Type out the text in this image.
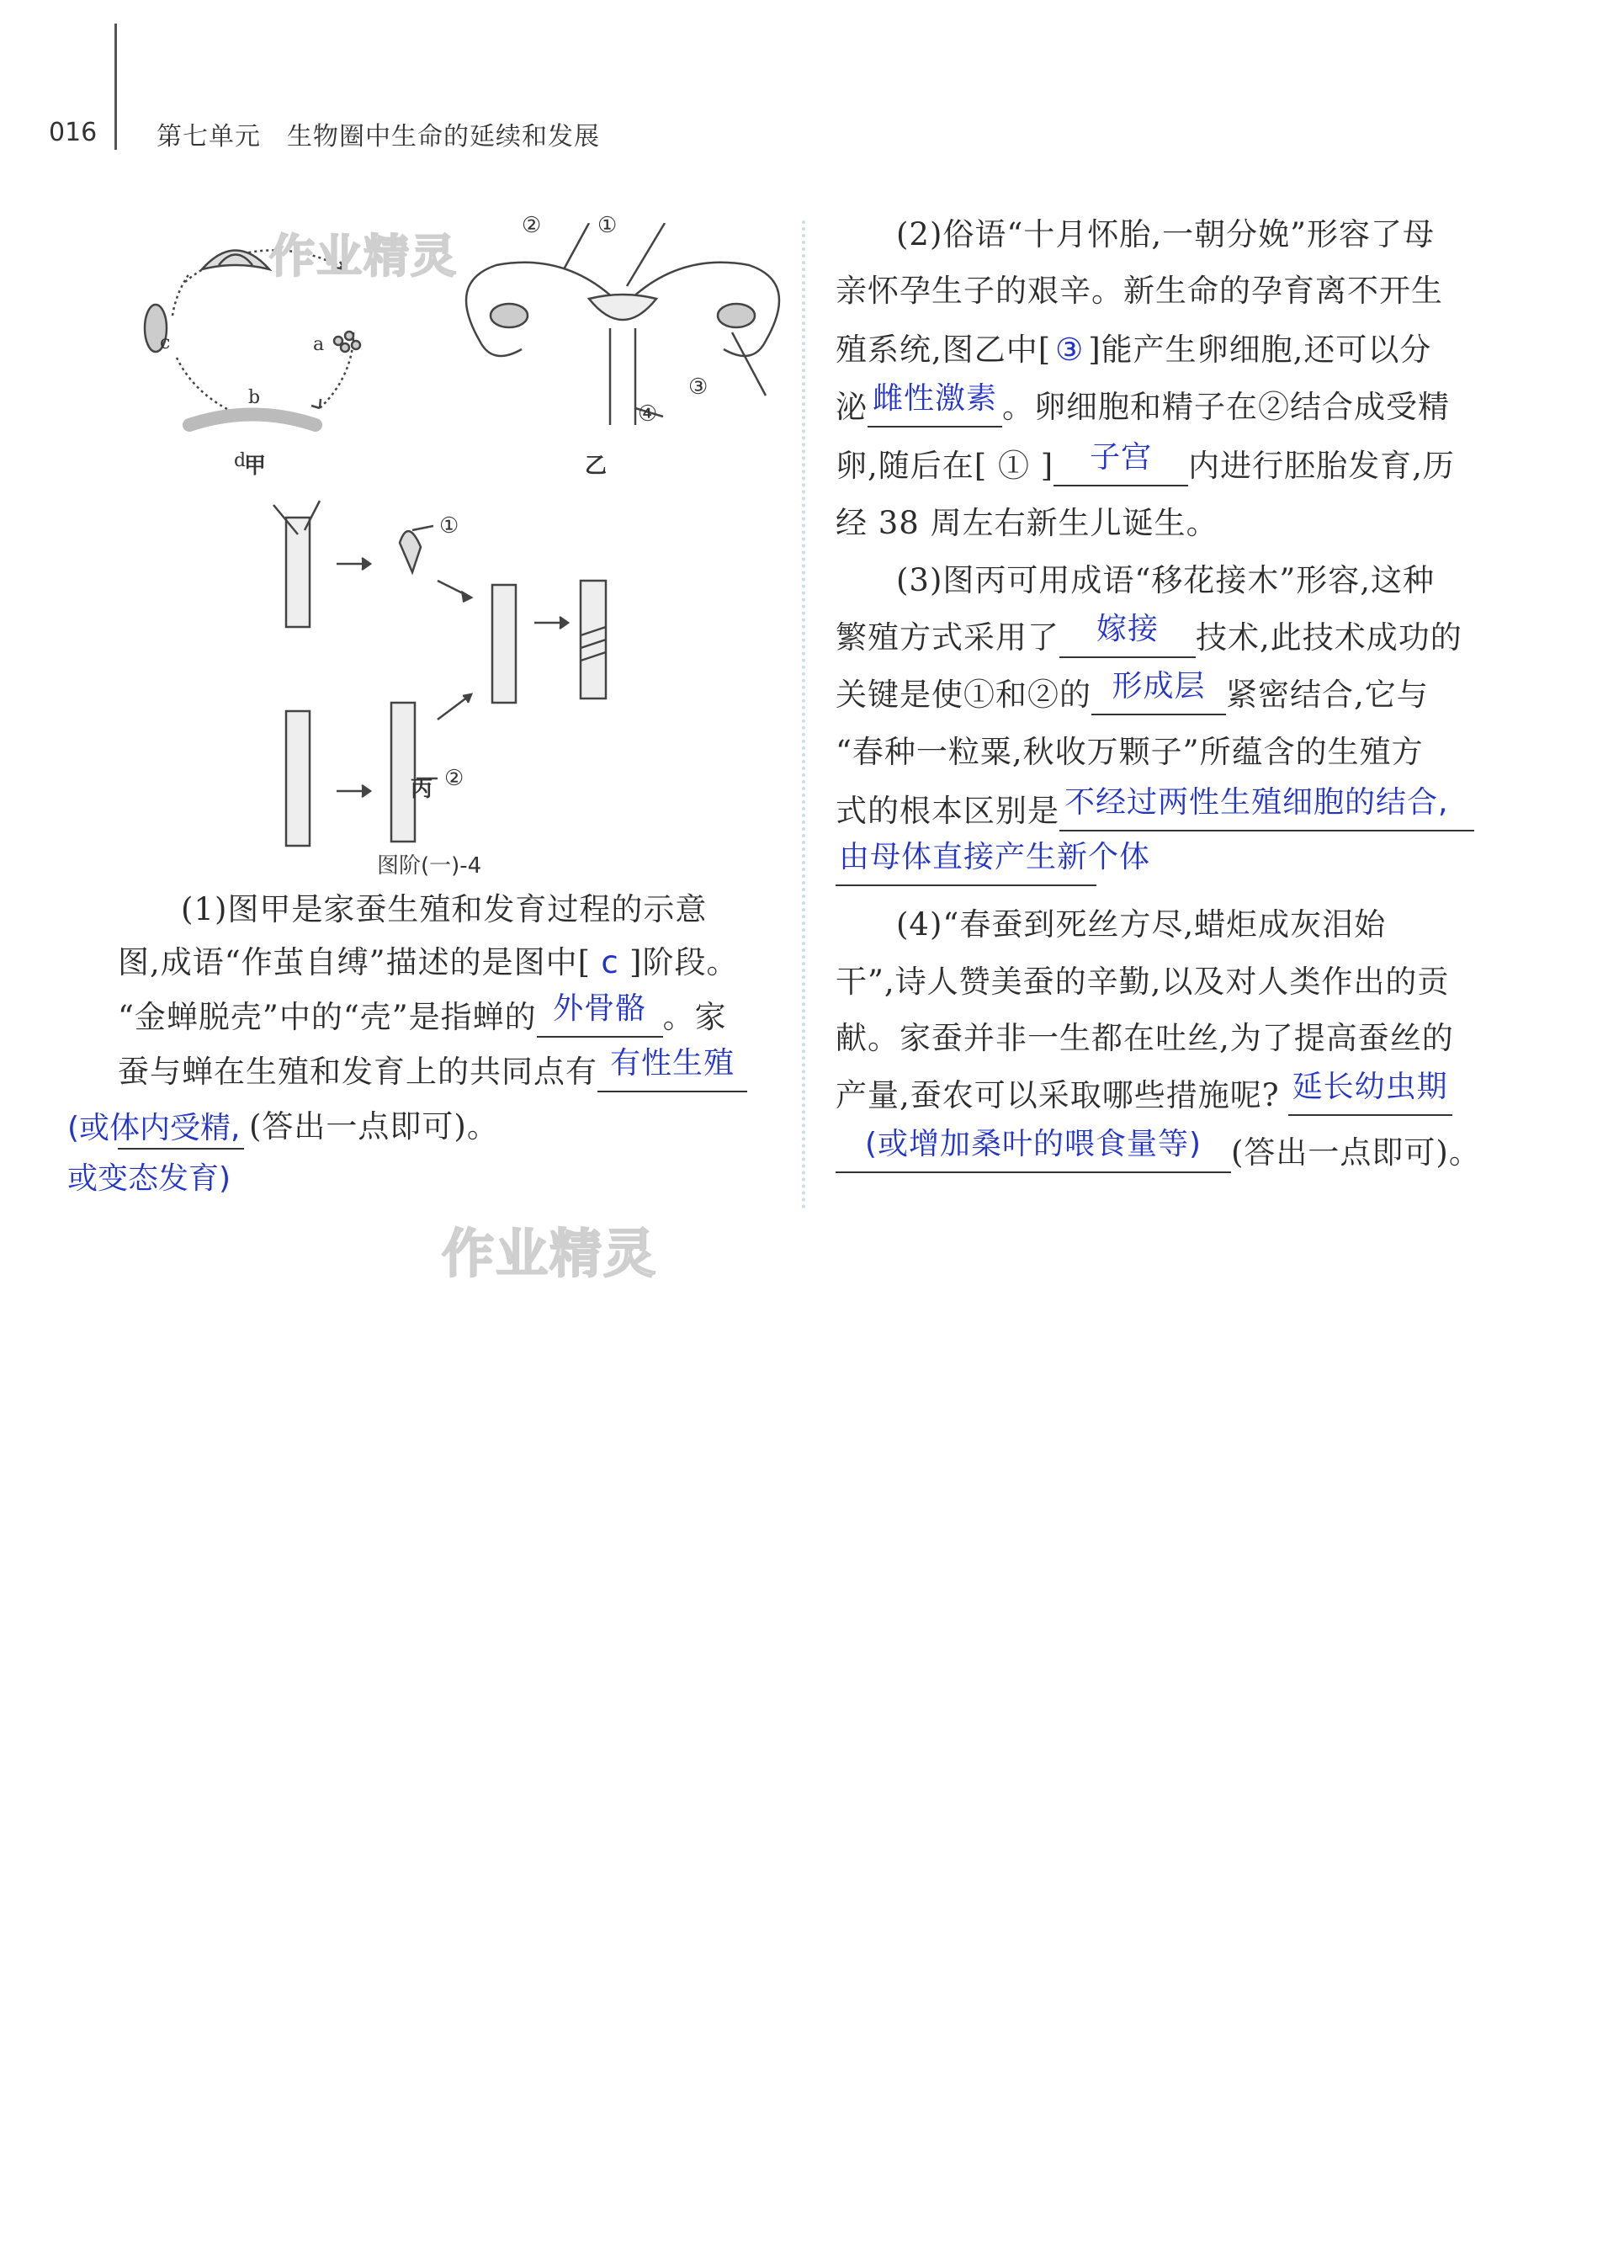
016 第七单元　生物圈中生命的延续和发展
d
a
c
b
甲	乙
丙
②	①
③
④
①
②
图阶(一)-4
作业精灵
作业精灵
(1)图甲是家蚕生殖和发育过程的示意
图,成语“作茧自缚”描述的是图中[ c ]阶段。
“金蝉脱壳”中的“壳”是指蝉的 外骨骼 。家
蚕与蝉在生殖和发育上的共同点有 有性生殖
(或体内受精, (答出一点即可)。
或变态发育)
(2)俗语“十月怀胎,一朝分娩”形容了母
亲怀孕生子的艰辛。新生命的孕育离不开生
殖系统,图乙中[ ③ ]能产生卵细胞,还可以分
泌 雌性激素 。卵细胞和精子在②结合成受精
卵,随后在[ ① ]	子宫	内进行胚胎发育,历
经 38 周左右新生儿诞生。
(3)图丙可用成语“移花接木”形容,这种
繁殖方式采用了	嫁接	技术,此技术成功的
关键是使①和②的 形成层 紧密结合,它与
“春种一粒粟,秋收万颗子”所蕴含的生殖方
式的根本区别是 不经过两性生殖细胞的结合,
由母体直接产生新个体
(4)“春蚕到死丝方尽,蜡炬成灰泪始
干”,诗人赞美蚕的辛勤,以及对人类作出的贡
献。家蚕并非一生都在吐丝,为了提高蚕丝的
产量,蚕农可以采取哪些措施呢? 延长幼虫期
(或增加桑叶的喂食量等) (答出一点即可)。
